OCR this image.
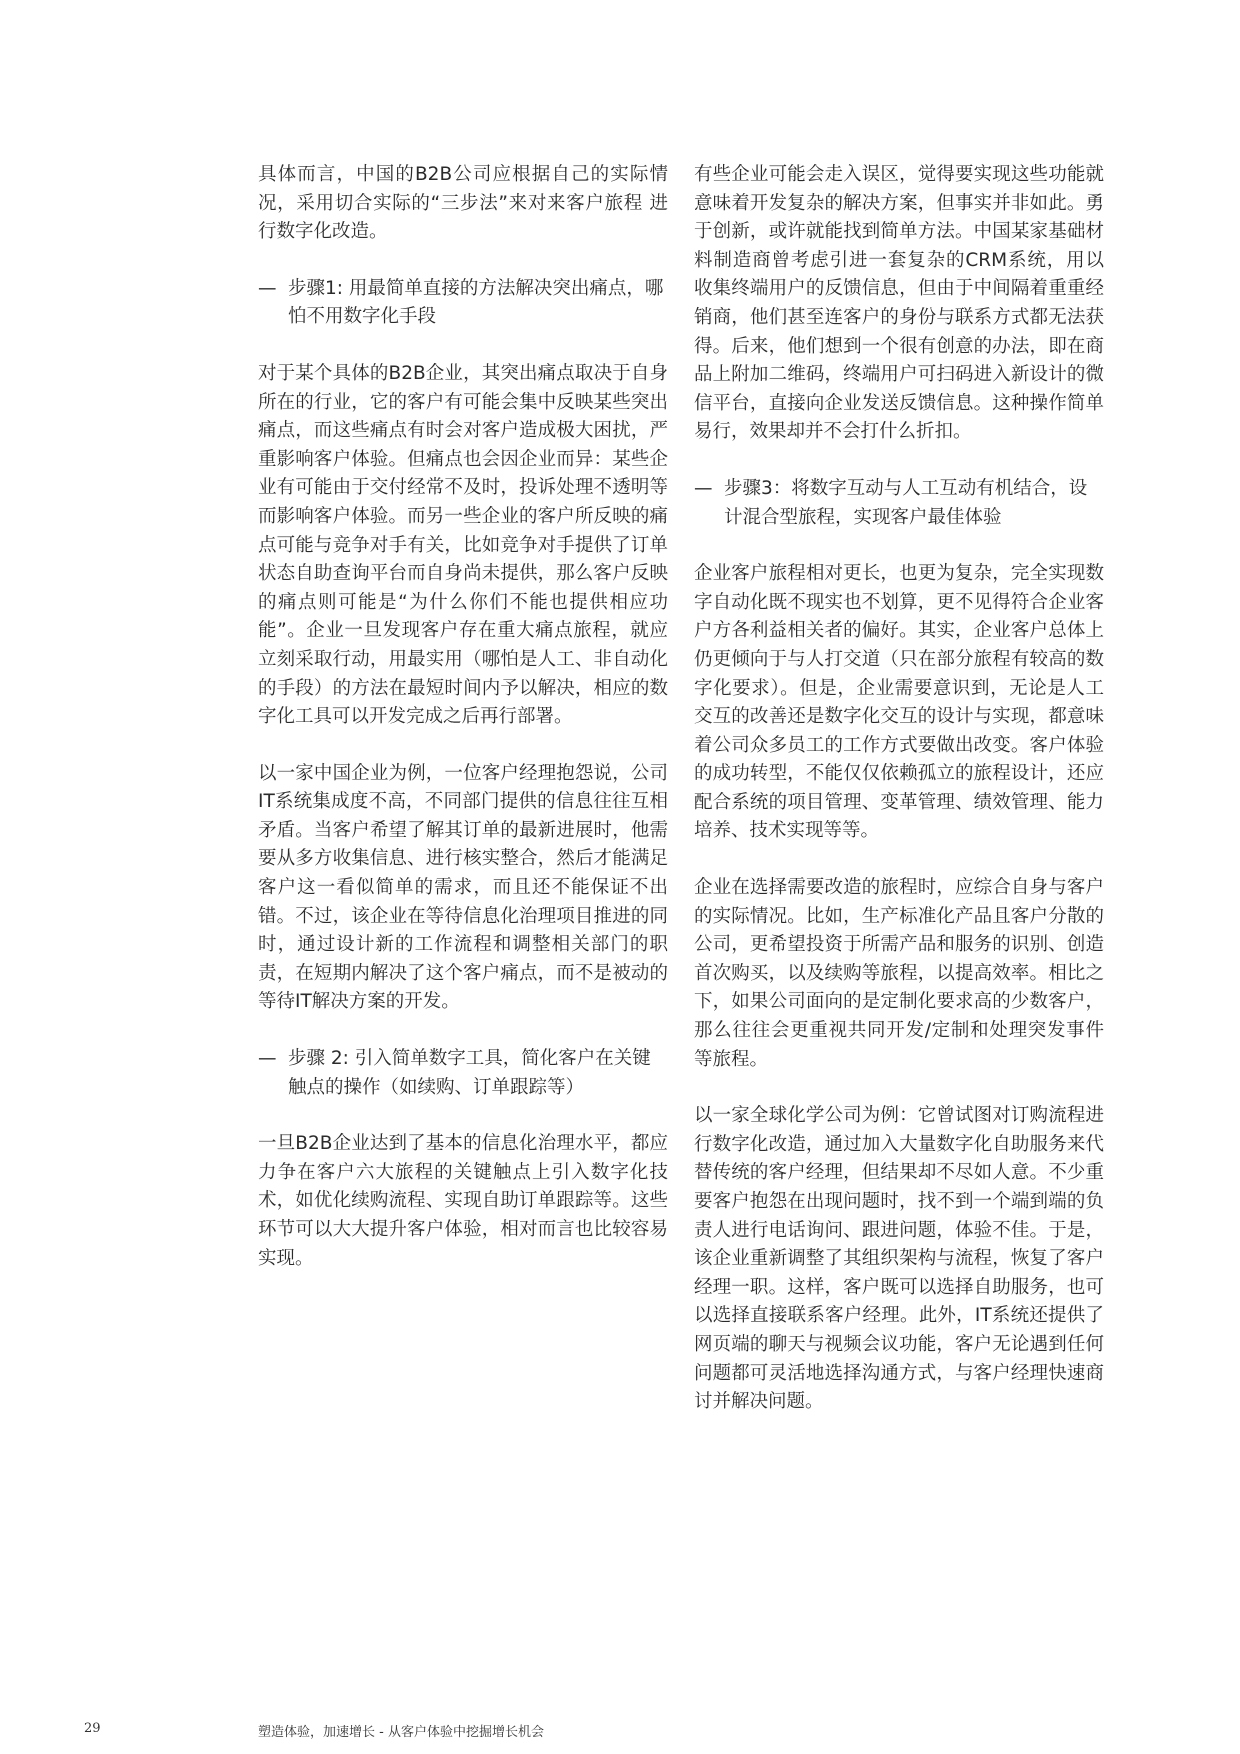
具体而言，中国的B2B公司应根据自己的实际情况，采用切合实际的“三步法”来对来客户旅程 进行数字化改造。

— 步骤1: 用最简单直接的方法解决突出痛点，哪怕不用数字化手段

对于某个具体的B2B企业，其突出痛点取决于自身所在的行业，它的客户有可能会集中反映某些突出痛点，而这些痛点有时会对客户造成极大困扰，严重影响客户体验。但痛点也会因企业而异：某些企业有可能由于交付经常不及时，投诉处理不透明等而影响客户体验。而另一些企业的客户所反映的痛点可能与竞争对手有关，比如竞争对手提供了订单状态自助查询平台而自身尚未提供，那么客户反映的痛点则可能是“为什么你们不能也提供相应功能”。企业一旦发现客户存在重大痛点旅程，就应立刻采取行动，用最实用（哪怕是人工、非自动化的手段）的方法在最短时间内予以解决，相应的数字化工具可以开发完成之后再行部署。

以一家中国企业为例，一位客户经理抱怨说，公司IT系统集成度不高，不同部门提供的信息往往互相矛盾。当客户希望了解其订单的最新进展时，他需要从多方收集信息、进行核实整合，然后才能满足客户这一看似简单的需求，而且还不能保证不出错。不过，该企业在等待信息化治理项目推进的同时，通过设计新的工作流程和调整相关部门的职责，在短期内解决了这个客户痛点，而不是被动的等待IT解决方案的开发。

— 步骤 2: 引入简单数字工具，简化客户在关键触点的操作（如续购、订单跟踪等）

一旦B2B企业达到了基本的信息化治理水平，都应力争在客户六大旅程的关键触点上引入数字化技术，如优化续购流程、实现自助订单跟踪等。这些环节可以大大提升客户体验，相对而言也比较容易实现。

有些企业可能会走入误区，觉得要实现这些功能就意味着开发复杂的解决方案，但事实并非如此。勇于创新，或许就能找到简单方法。中国某家基础材料制造商曾考虑引进一套复杂的CRM系统，用以收集终端用户的反馈信息，但由于中间隔着重重经销商，他们甚至连客户的身份与联系方式都无法获得。后来，他们想到一个很有创意的办法，即在商品上附加二维码，终端用户可扫码进入新设计的微信平台，直接向企业发送反馈信息。这种操作简单易行，效果却并不会打什么折扣。

— 步骤3：将数字互动与人工互动有机结合，设计混合型旅程，实现客户最佳体验

企业客户旅程相对更长，也更为复杂，完全实现数字自动化既不现实也不划算，更不见得符合企业客户方各利益相关者的偏好。其实，企业客户总体上仍更倾向于与人打交道（只在部分旅程有较高的数字化要求）。但是，企业需要意识到，无论是人工交互的改善还是数字化交互的设计与实现，都意味着公司众多员工的工作方式要做出改变。客户体验的成功转型，不能仅仅依赖孤立的旅程设计，还应配合系统的项目管理、变革管理、绩效管理、能力培养、技术实现等等。

企业在选择需要改造的旅程时，应综合自身与客户的实际情况。比如，生产标准化产品且客户分散的公司，更希望投资于所需产品和服务的识别、创造首次购买，以及续购等旅程，以提高效率。相比之下，如果公司面向的是定制化要求高的少数客户，那么往往会更重视共同开发/定制和处理突发事件等旅程。

以一家全球化学公司为例：它曾试图对订购流程进行数字化改造，通过加入大量数字化自助服务来代替传统的客户经理，但结果却不尽如人意。不少重要客户抱怨在出现问题时，找不到一个端到端的负责人进行电话询问、跟进问题，体验不佳。于是，该企业重新调整了其组织架构与流程，恢复了客户经理一职。这样，客户既可以选择自助服务，也可以选择直接联系客户经理。此外，IT系统还提供了网页端的聊天与视频会议功能，客户无论遇到任何问题都可灵活地选择沟通方式，与客户经理快速商讨并解决问题。

29	塑造体验，加速增长 - 从客户体验中挖掘增长机会
